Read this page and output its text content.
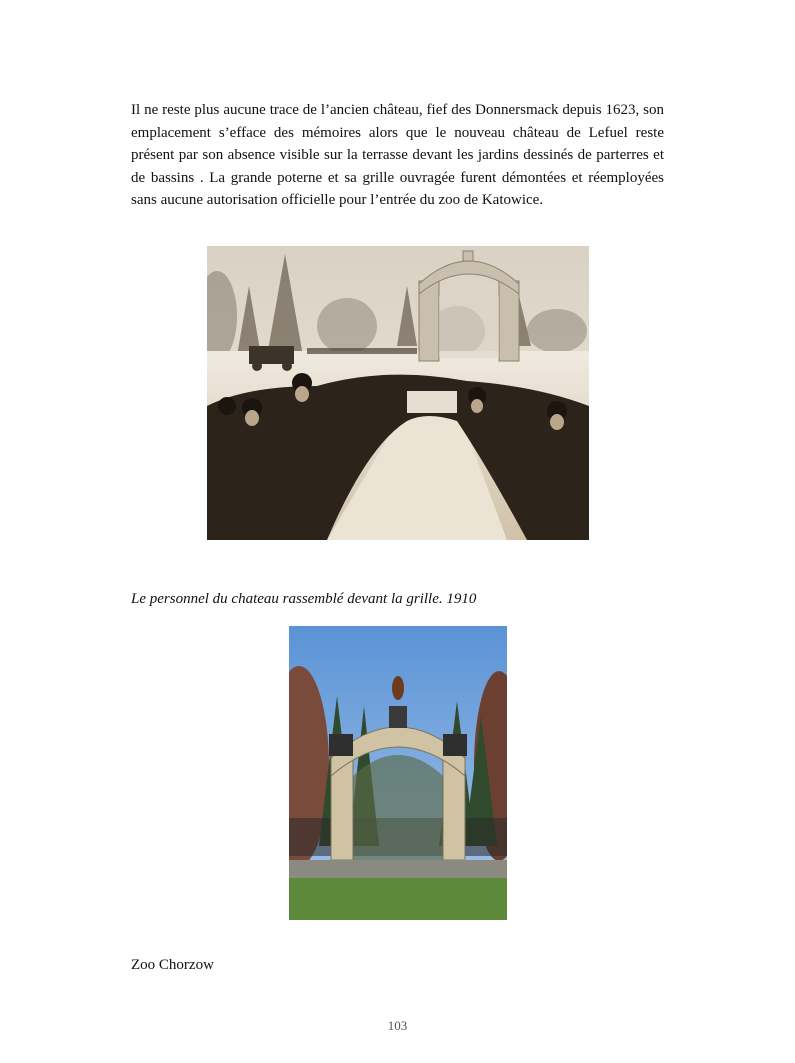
Il ne reste plus aucune trace de l’ancien château, fief des Donnersmack depuis 1623, son emplacement s’efface des mémoires alors que le nouveau château de Lefuel reste présent par son absence visible sur la terrasse devant les jardins dessinés de parterres et de bassins . La grande poterne et sa grille ouvragée furent démontées et réemployées sans aucune autorisation officielle pour l’entrée du zoo de Katowice.

Le personnel du chateau rassemblé devant la grille. 1910

Zoo Chorzow

103
